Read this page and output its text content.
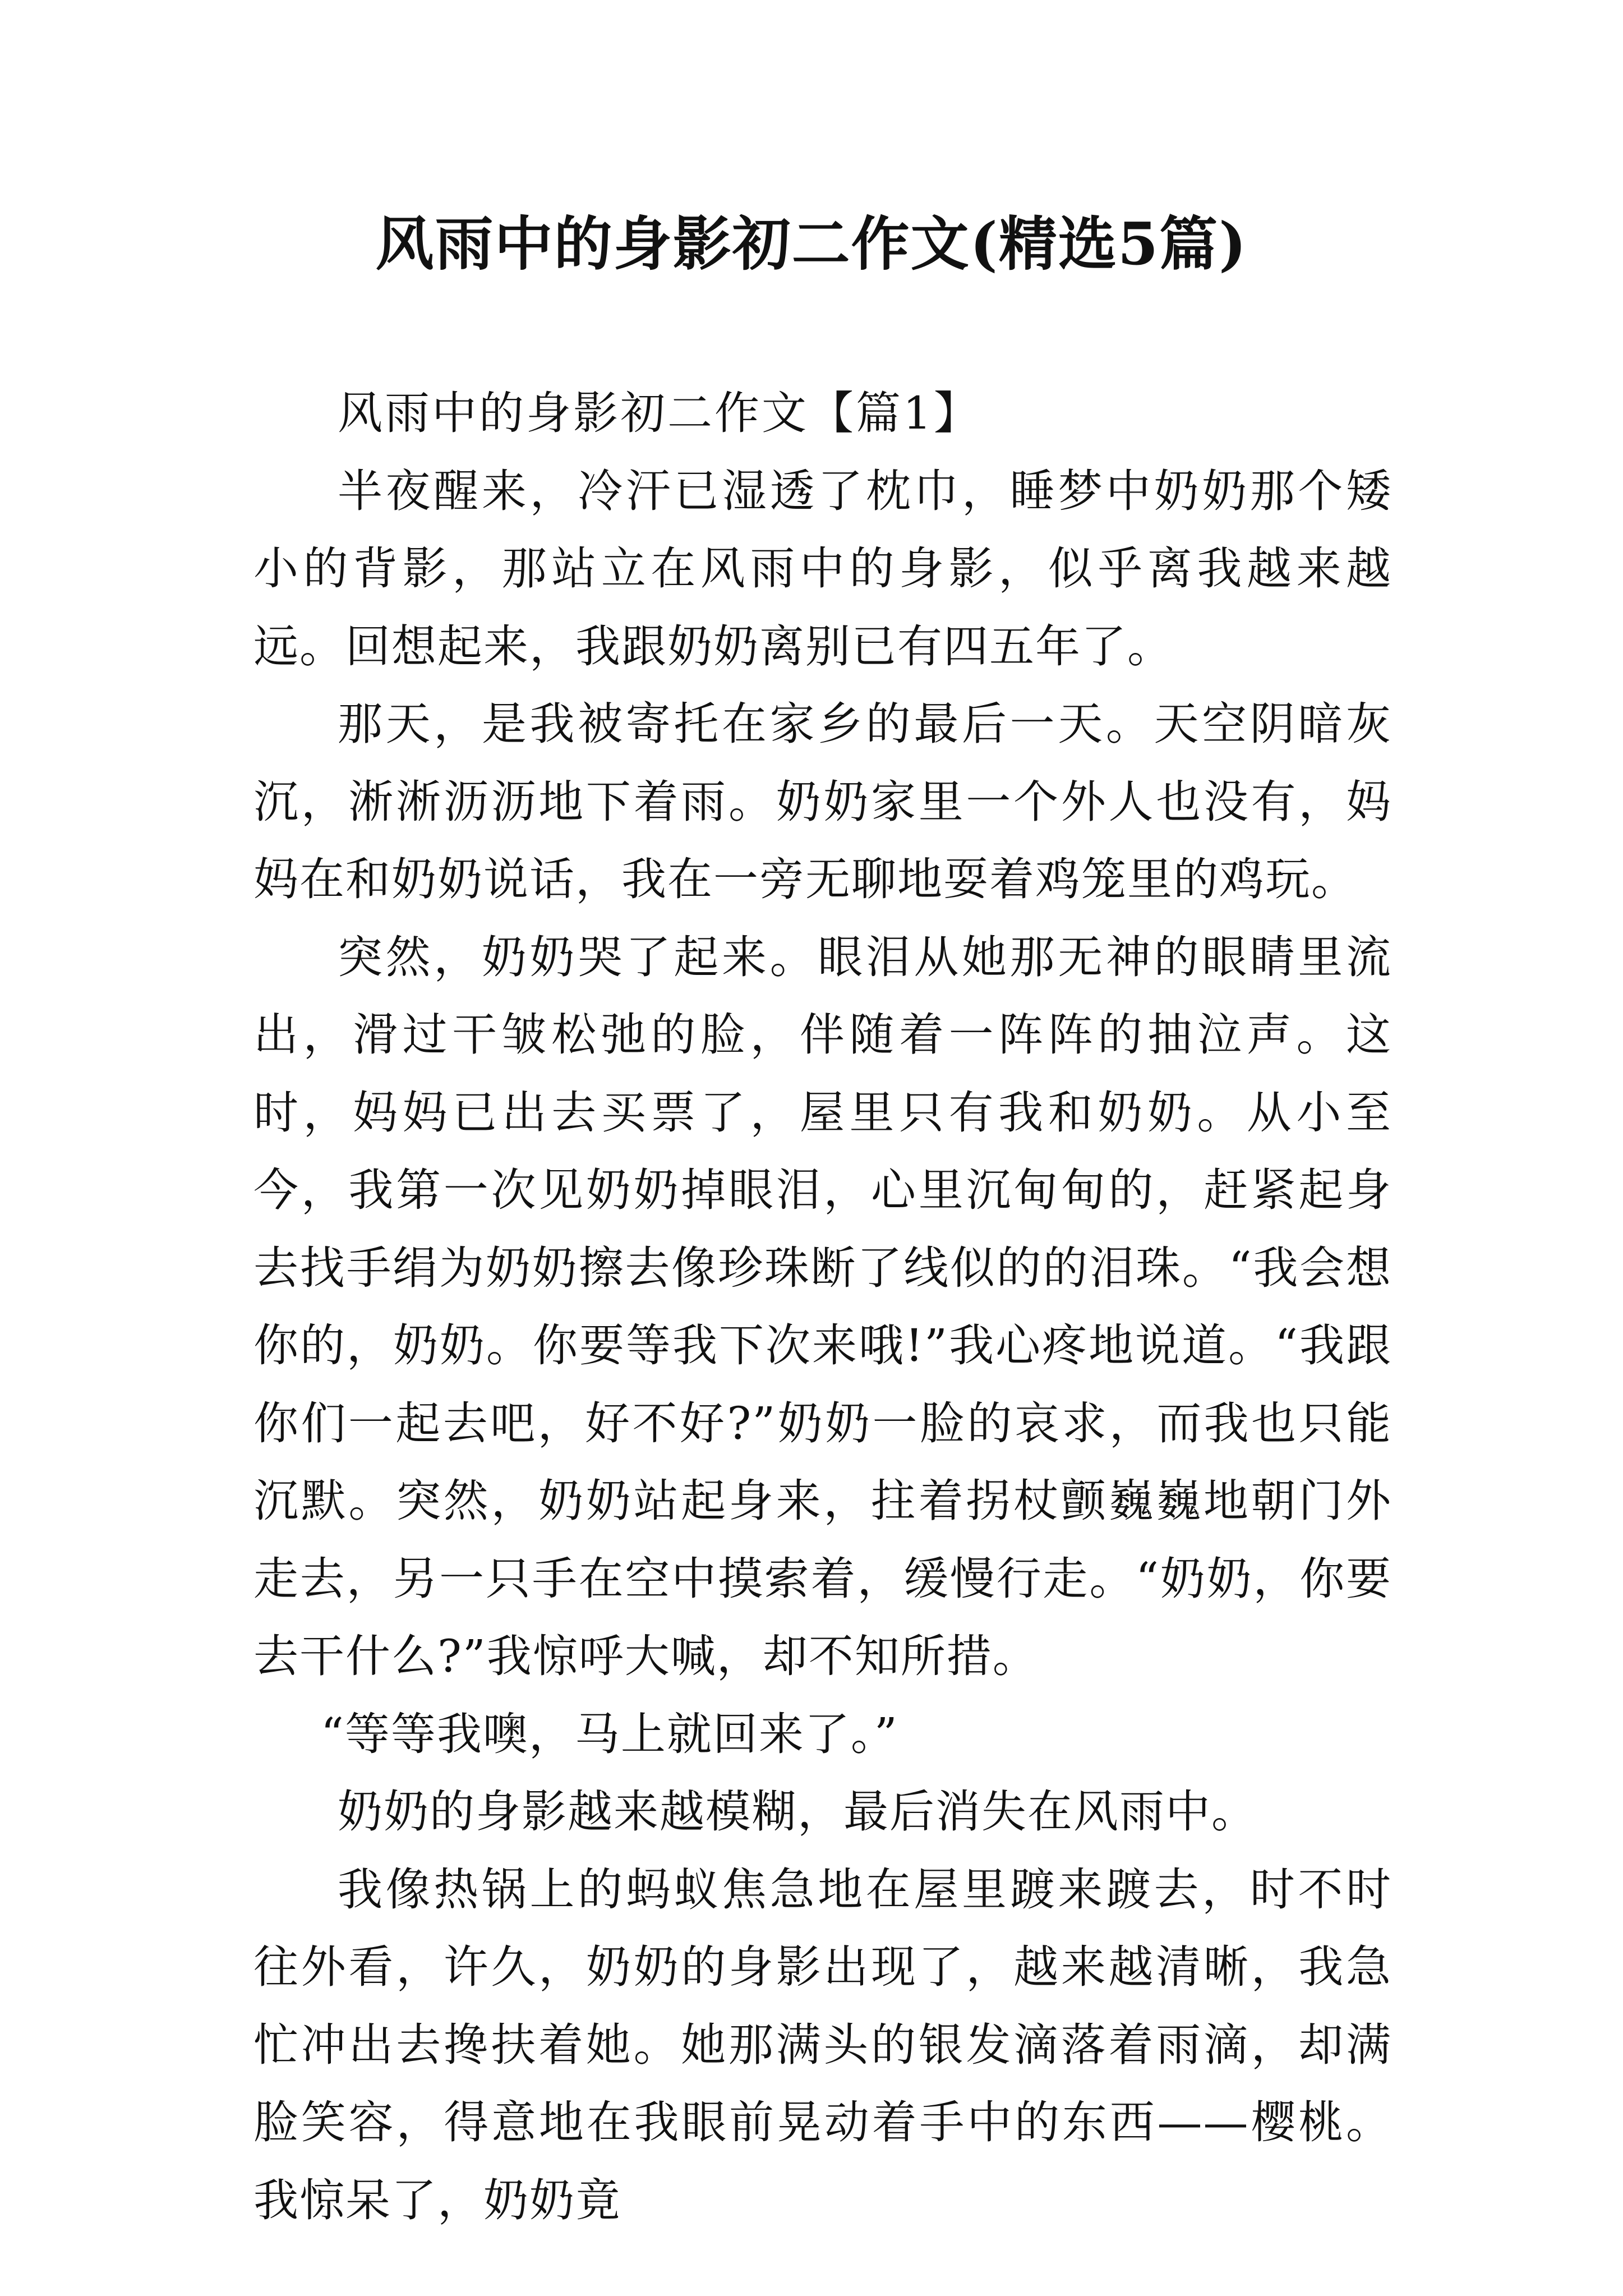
风雨中的身影初二作文(精选5篇)

风雨中的身影初二作文【篇1】

半夜醒来，冷汗已湿透了枕巾，睡梦中奶奶那个矮小的背影，那站立在风雨中的身影，似乎离我越来越远。回想起来，我跟奶奶离别已有四五年了。

那天，是我被寄托在家乡的最后一天。天空阴暗灰沉，淅淅沥沥地下着雨。奶奶家里一个外人也没有，妈妈在和奶奶说话，我在一旁无聊地耍着鸡笼里的鸡玩。

突然，奶奶哭了起来。眼泪从她那无神的眼睛里流出，滑过干皱松弛的脸，伴随着一阵阵的抽泣声。这时，妈妈已出去买票了，屋里只有我和奶奶。从小至今，我第一次见奶奶掉眼泪，心里沉甸甸的，赶紧起身去找手绢为奶奶擦去像珍珠断了线似的的泪珠。“我会想你的，奶奶。你要等我下次来哦!”我心疼地说道。“我跟你们一起去吧，好不好?”奶奶一脸的哀求，而我也只能沉默。突然，奶奶站起身来，拄着拐杖颤巍巍地朝门外走去，另一只手在空中摸索着，缓慢行走。“奶奶，你要去干什么?”我惊呼大喊，却不知所措。

“等等我噢，马上就回来了。”

奶奶的身影越来越模糊，最后消失在风雨中。

我像热锅上的蚂蚁焦急地在屋里踱来踱去，时不时往外看，许久，奶奶的身影出现了，越来越清晰，我急忙冲出去搀扶着她。她那满头的银发滴落着雨滴，却满脸笑容，得意地在我眼前晃动着手中的东西——樱桃。我惊呆了，奶奶竟
